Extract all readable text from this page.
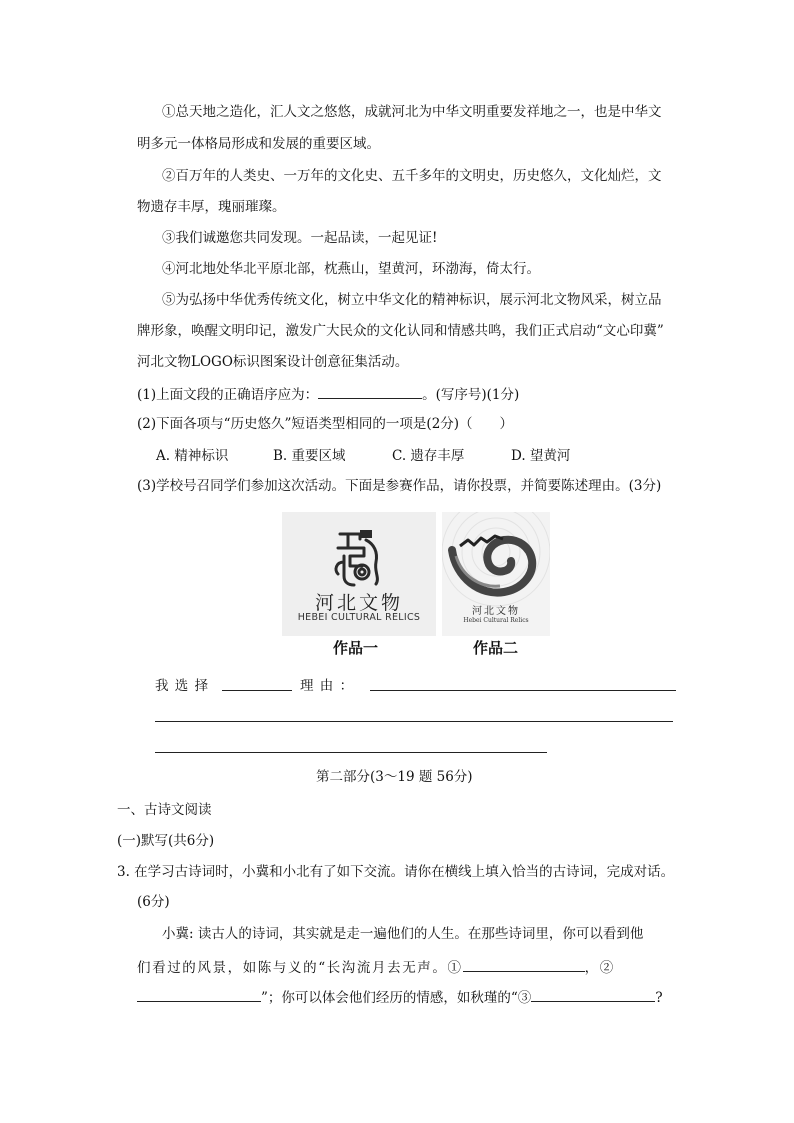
①总天地之造化，汇人文之悠悠，成就河北为中华文明重要发祥地之一，也是中华文
明多元一体格局形成和发展的重要区域。
②百万年的人类史、一万年的文化史、五千多年的文明史，历史悠久，文化灿烂，文
物遗存丰厚，瑰丽璀璨。
③我们诚邀您共同发现。一起品读，一起见证!
④河北地处华北平原北部，枕燕山，望黄河，环渤海，倚太行。
⑤为弘扬中华优秀传统文化，树立中华文化的精神标识，展示河北文物风采，树立品
牌形象，唤醒文明印记，激发广大民众的文化认同和情感共鸣，我们正式启动“文心印冀”
河北文物LOGO标识图案设计创意征集活动。
(1)上面文段的正确语序应为：	。(写序号)(1分)
(2)下面各项与“历史悠久”短语类型相同的一项是(2分)（　　）
A. 精神标识	B. 重要区域	C. 遗存丰厚	D. 望黄河
(3)学校号召同学们参加这次活动。下面是参赛作品，请你投票，并简要陈述理由。(3分)
河北文物
HEBEI CULTURAL RELICS
河北文物
Hebei Cultural Relics
作品一	作品二
我 选 择	理 由 ：
第二部分(3～19 题 56分)
一、古诗文阅读
(一)默写(共6分)
3. 在学习古诗词时，小冀和小北有了如下交流。请你在横线上填入恰当的古诗词，完成对话。
(6分)
小冀: 读古人的诗词，其实就是走一遍他们的人生。在那些诗词里，你可以看到他
们看过的风景，如陈与义的“长沟流月去无声。①	，②
”；你可以体会他们经历的情感，如秋瑾的“③	?
